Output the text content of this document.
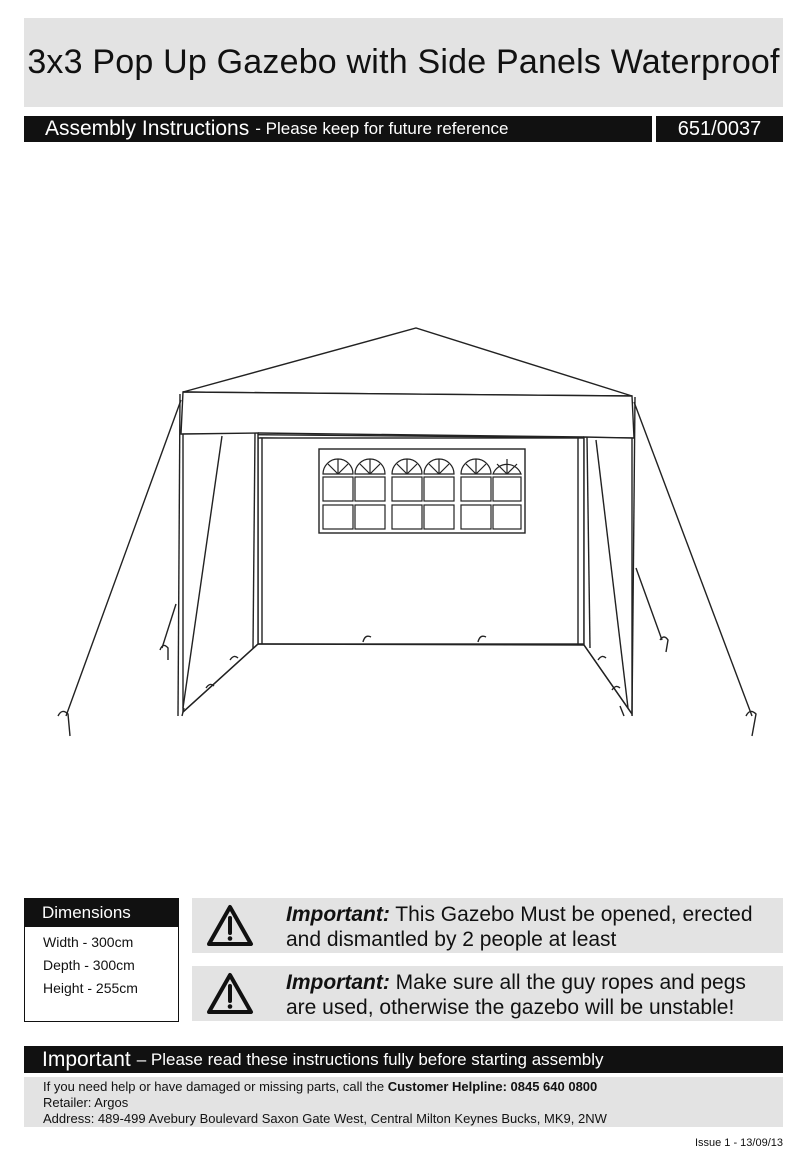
3x3 Pop Up Gazebo with Side Panels Waterproof
Assembly Instructions - Please keep for future reference	651/0037
Dimensions
Width - 300cm
Depth - 300cm
Height - 255cm
Important: This Gazebo Must be opened, erected
and dismantled by 2 people at least
Important: Make sure all the guy ropes and pegs
are used, otherwise the gazebo will be unstable!
Important – Please read these instructions fully before starting assembly
If you need help or have damaged or missing parts, call the Customer Helpline: 0845 640 0800
Retailer: Argos
Address: 489-499 Avebury Boulevard Saxon Gate West, Central Milton Keynes Bucks, MK9, 2NW
Issue 1 - 13/09/13
